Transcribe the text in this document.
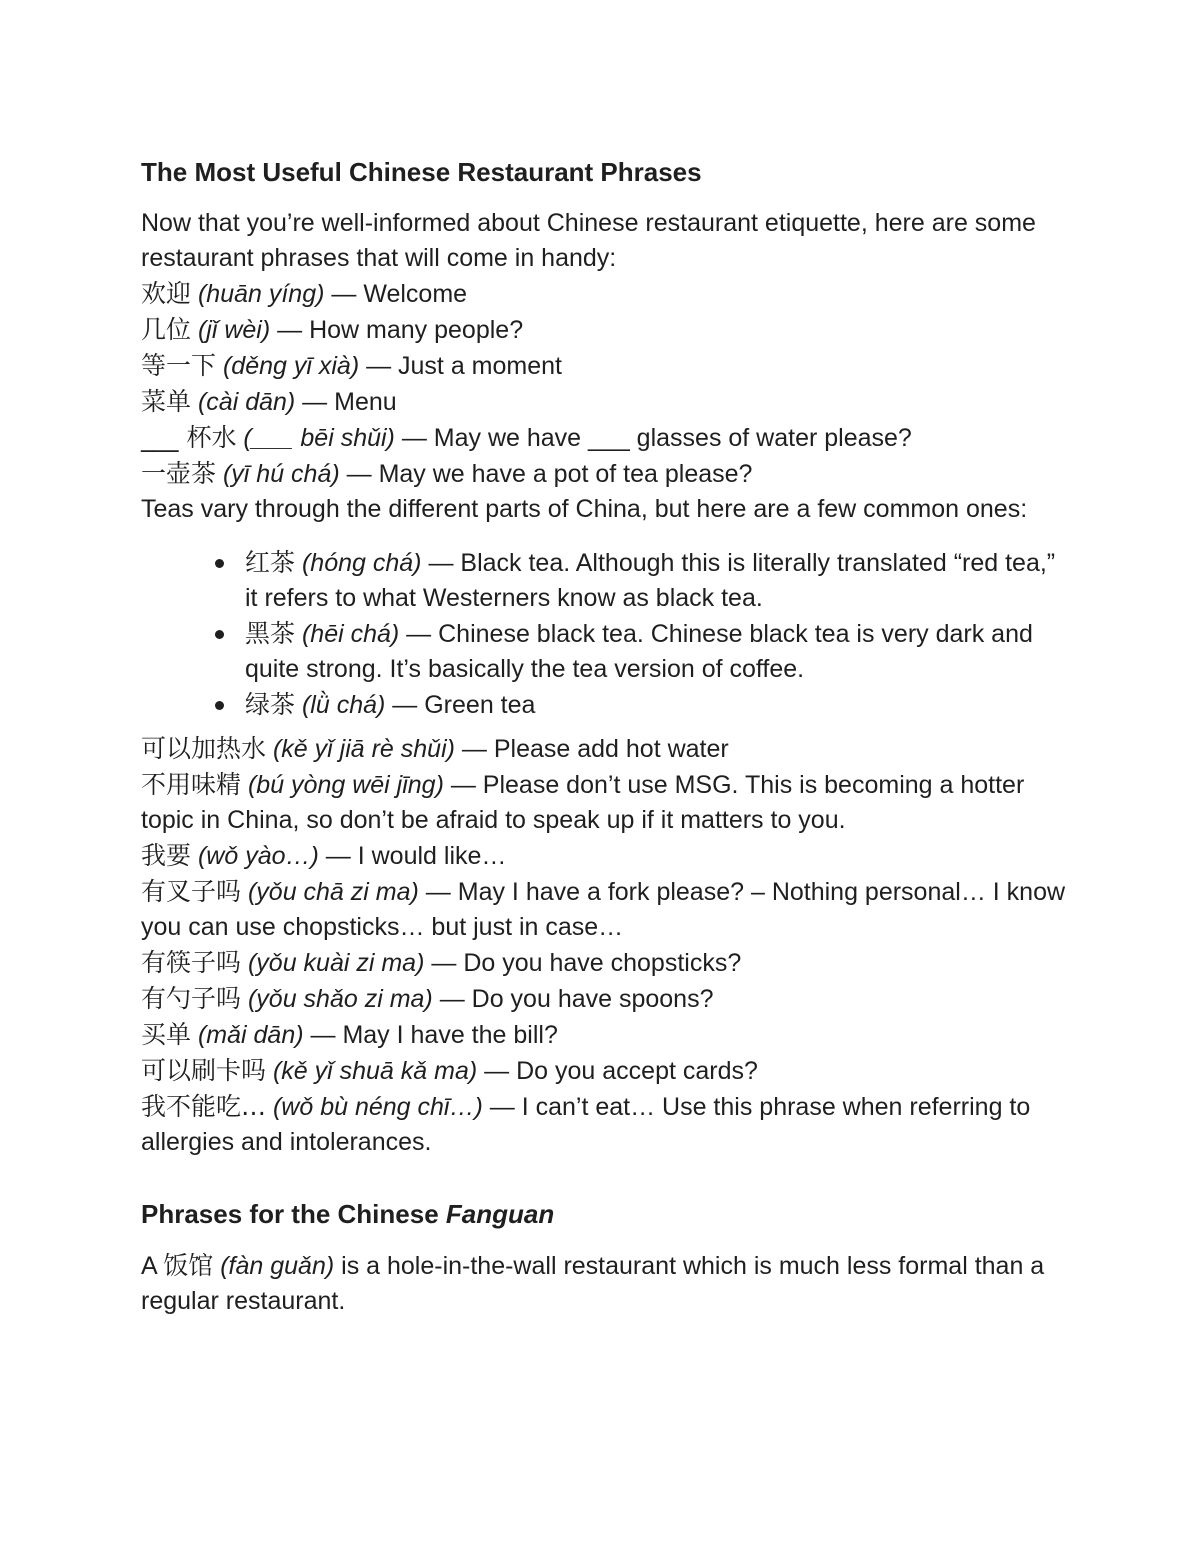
The Most Useful Chinese Restaurant Phrases

Now that you’re well-informed about Chinese restaurant etiquette, here are some restaurant phrases that will come in handy:

欢迎 (huān yíng) — Welcome
几位 (jǐ wèi) — How many people?
等一下 (děng yī xià) — Just a moment
菜单 (cài dān) — Menu
___ 杯水 (___ bēi shǔi) — May we have ___ glasses of water please?
一壶茶 (yī hú chá) — May we have a pot of tea please?

Teas vary through the different parts of China, but here are a few common ones:

红茶 (hóng chá) — Black tea. Although this is literally translated “red tea,” it refers to what Westerners know as black tea.
黑茶 (hēi chá) — Chinese black tea. Chinese black tea is very dark and quite strong. It’s basically the tea version of coffee.
绿茶 (lǜ chá) — Green tea
可以加热水 (kě yǐ jiā rè shǔi) — Please add hot water
不用味精 (bú yòng wēi jīng) — Please don’t use MSG. This is becoming a hotter topic in China, so don’t be afraid to speak up if it matters to you.
我要 (wǒ yào…) — I would like…
有叉子吗 (yǒu chā zi ma) — May I have a fork please? – Nothing personal… I know you can use chopsticks… but just in case…
有筷子吗 (yǒu kuài zi ma) — Do you have chopsticks?
有勺子吗 (yǒu shǎo zi ma) — Do you have spoons?
买单 (mǎi dān) — May I have the bill?
可以刷卡吗 (kě yǐ shuā kǎ ma) — Do you accept cards?
我不能吃… (wǒ bù néng chī…) — I can’t eat… Use this phrase when referring to allergies and intolerances.
Phrases for the Chinese Fanguan

A 饭馆 (fàn guǎn) is a hole-in-the-wall restaurant which is much less formal than a regular restaurant.
